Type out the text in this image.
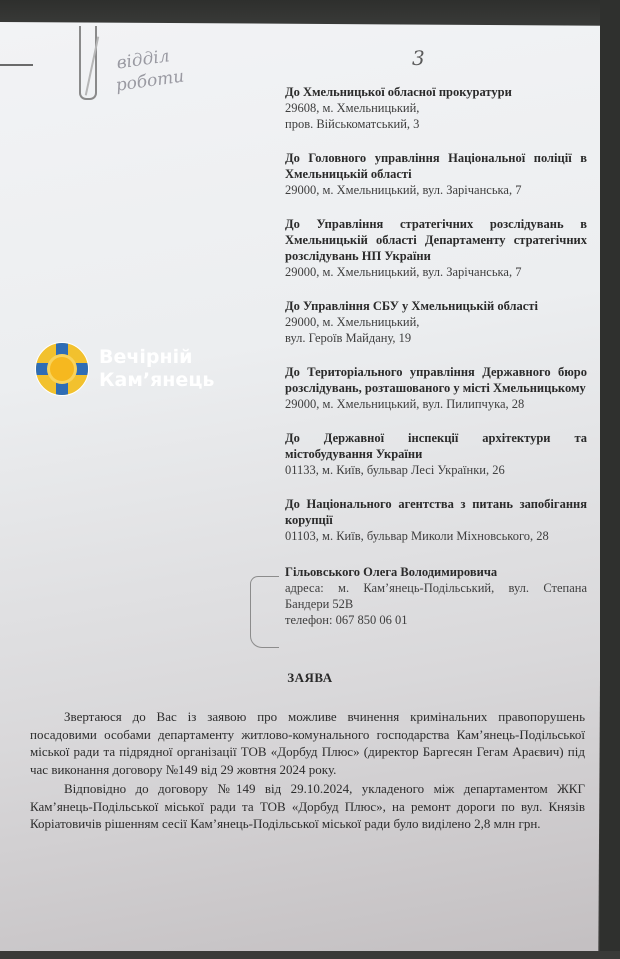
відділ
роботи
3
До Хмельницької обласної прокуратури
29608, м. Хмельницький,
пров. Військоматський, 3
До Головного управління Національної поліції в Хмельницькій області
29000, м. Хмельницький, вул. Зарічанська, 7
До Управління стратегічних розслідувань в Хмельницькій області Департаменту стратегічних розслідувань НП України
29000, м. Хмельницький, вул. Зарічанська, 7
До Управління СБУ у Хмельницькій області
29000, м. Хмельницький,
вул. Героїв Майдану, 19
До Територіального управління Державного бюро розслідувань, розташованого у місті Хмельницькому
29000, м. Хмельницький, вул. Пилипчука, 28
До Державної інспекції архітектури та містобудування України
01133, м. Київ, бульвар Лесі Українки, 26
До Національного агентства з питань запобігання корупції
01103, м. Київ, бульвар Миколи Міхновського, 28
Гільовського Олега Володимировича
адреса: м. Кам’янець-Подільський, вул. Степана Бандери 52В
телефон: 067 850 06 01
Вечірній
Кам’янець
ЗАЯВА

Звертаюся до Вас із заявою про можливе вчинення кримінальних правопорушень посадовими особами департаменту житлово-комунального господарства Кам’янець-Подільської міської ради та підрядної організації ТОВ «Дорбуд Плюс» (директор Баргесян Гегам Араєвич) під час виконання договору №149 від 29 жовтня 2024 року.

Відповідно до договору №149 від 29.10.2024, укладеного між департаментом ЖКГ Кам’янець-Подільської міської ради та ТОВ «Дорбуд Плюс», на ремонт дороги по вул. Князів Коріатовичів рішенням сесії Кам’янець-Подільської міської ради було виділено 2,8 млн грн.
